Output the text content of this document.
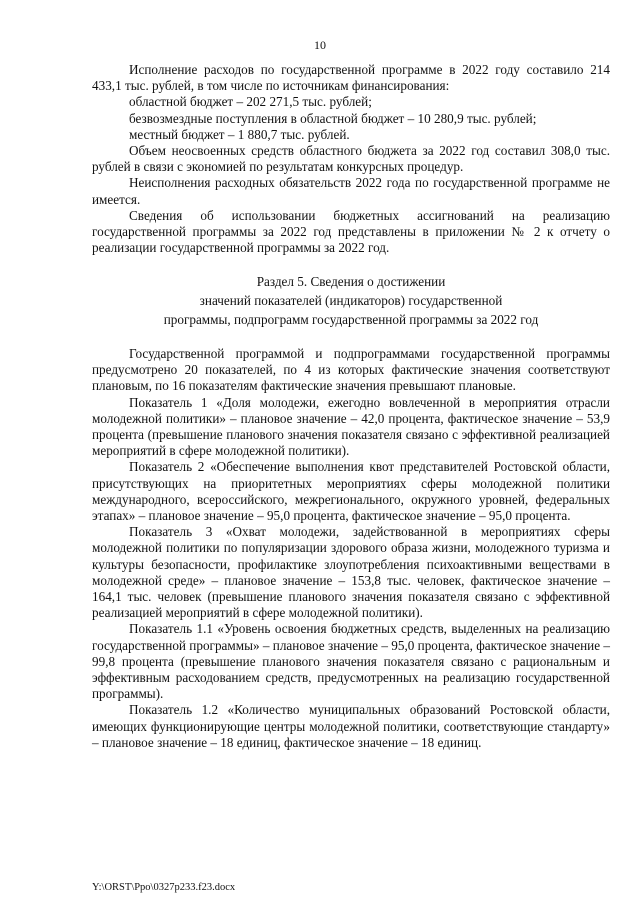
10

Исполнение расходов по государственной программе в 2022 году составило 214 433,1 тыс. рублей, в том числе по источникам финансирования:

областной бюджет – 202 271,5 тыс. рублей;

безвозмездные поступления в областной бюджет – 10 280,9 тыс. рублей;

местный бюджет – 1 880,7 тыс. рублей.

Объем неосвоенных средств областного бюджета за 2022 год составил 308,0 тыс. рублей в связи с экономией по результатам конкурсных процедур.

Неисполнения расходных обязательств 2022 года по государственной программе не имеется.

Сведения об использовании бюджетных ассигнований на реализацию государственной программы за 2022 год представлены в приложении № 2 к отчету о реализации государственной программы за 2022 год.

Раздел 5. Сведения о достижении
значений показателей (индикаторов) государственной
программы, подпрограмм государственной программы за 2022 год

Государственной программой и подпрограммами государственной программы предусмотрено 20 показателей, по 4 из которых фактические значения соответствуют плановым, по 16 показателям фактические значения превышают плановые.

Показатель 1 «Доля молодежи, ежегодно вовлеченной в мероприятия отрасли молодежной политики» – плановое значение – 42,0 процента, фактическое значение – 53,9 процента (превышение планового значения показателя связано с эффективной реализацией мероприятий в сфере молодежной политики).

Показатель 2 «Обеспечение выполнения квот представителей Ростовской области, присутствующих на приоритетных мероприятиях сферы молодежной политики международного, всероссийского, межрегионального, окружного уровней, федеральных этапах» – плановое значение – 95,0 процента, фактическое значение – 95,0 процента.

Показатель 3 «Охват молодежи, задействованной в мероприятиях сферы молодежной политики по популяризации здорового образа жизни, молодежного туризма и культуры безопасности, профилактике злоупотребления психоактивными веществами в молодежной среде» – плановое значение – 153,8 тыс. человек, фактическое значение – 164,1 тыс. человек (превышение планового значения показателя связано с эффективной реализацией мероприятий в сфере молодежной политики).

Показатель 1.1 «Уровень освоения бюджетных средств, выделенных на реализацию государственной программы» – плановое значение – 95,0 процента, фактическое значение – 99,8 процента (превышение планового значения показателя связано с рациональным и эффективным расходованием средств, предусмотренных на реализацию государственной программы).

Показатель 1.2 «Количество муниципальных образований Ростовской области, имеющих функционирующие центры молодежной политики, соответствующие стандарту» – плановое значение – 18 единиц, фактическое значение – 18 единиц.

Y:\ORST\Ppo\0327p233.f23.docx
